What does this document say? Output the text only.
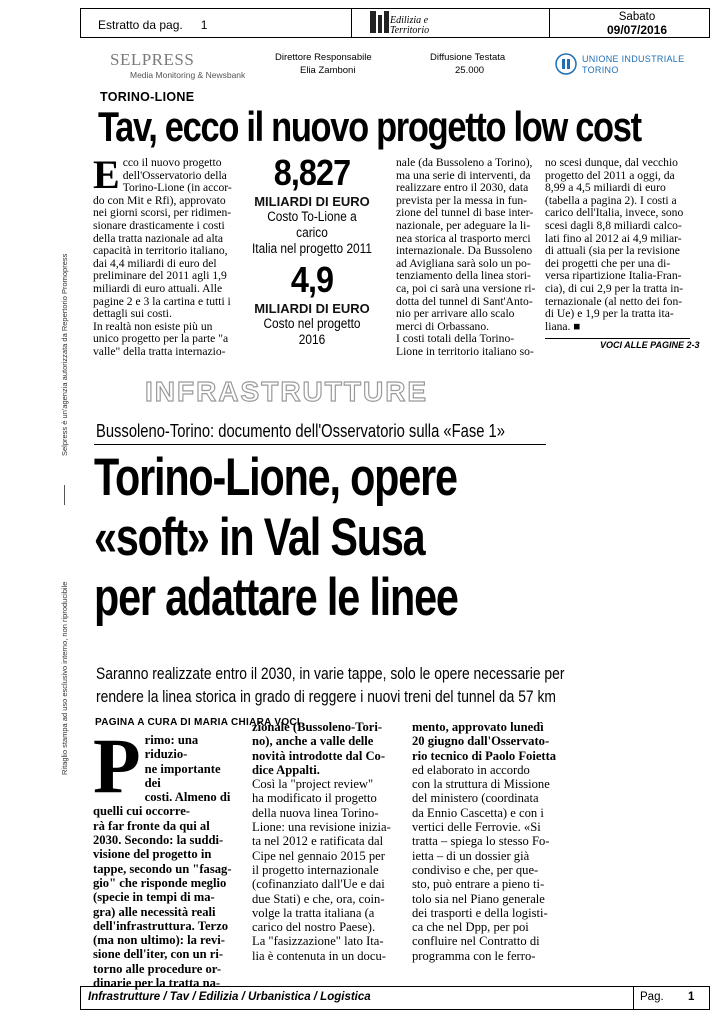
Estratto da pag. 1	Edilizia e
Territorio
Sabato
09/07/2016
SELPRESS
Media Monitoring & Newsbank
Direttore Responsabile
Elia Zamboni
Diffusione Testata
25.000
UNIONE INDUSTRIALE
TORINO
Selpress è un'agenzia autorizzata da Repertorio Promopress
Ritaglio stampa ad uso esclusivo interno, non riproducibile
TORINO-LIONE
Tav, ecco il nuovo progetto low cost
E cco il nuovo progetto
dell'Osservatorio della
Torino-Lione (in accor-
do con Mit e Rfi), approvato
nei giorni scorsi, per ridimen-
sionare drasticamente i costi
della tratta nazionale ad alta
capacità in territorio italiano,
dai 4,4 miliardi di euro del
preliminare del 2011 agli 1,9
miliardi di euro attuali. Alle
pagine 2 e 3 la cartina e tutti i
dettagli sui costi.
In realtà non esiste più un
unico progetto per la parte "a
valle" della tratta internazio-
8,827
MILIARDI DI EURO
Costo To-Lione a carico
Italia nel progetto 2011
4,9
MILIARDI DI EURO
Costo nel progetto 2016
nale (da Bussoleno a Torino),
ma una serie di interventi, da
realizzare entro il 2030, data
prevista per la messa in fun-
zione del tunnel di base inter-
nazionale, per adeguare la li-
nea storica al trasporto merci
internazionale. Da Bussoleno
ad Avigliana sarà solo un po-
tenziamento della linea stori-
ca, poi ci sarà una versione ri-
dotta del tunnel di Sant'Anto-
nio per arrivare allo scalo
merci di Orbassano.
I costi totali della Torino-
Lione in territorio italiano so-
no scesi dunque, dal vecchio
progetto del 2011 a oggi, da
8,99 a 4,5 miliardi di euro
(tabella a pagina 2). I costi a
carico dell'Italia, invece, sono
scesi dagli 8,8 miliardi calco-
lati fino al 2012 ai 4,9 miliar-
di attuali (sia per la revisione
dei progetti che per una di-
versa ripartizione Italia-Fran-
cia), di cui 2,9 per la tratta in-
ternazionale (al netto dei fon-
di Ue) e 1,9 per la tratta ita-
liana. ■
VOCI ALLE PAGINE 2-3
INFRASTRUTTURE
Bussoleno-Torino: documento dell'Osservatorio sulla «Fase 1»
Torino-Lione, opere
«soft» in Val Susa
per adattare le linee
Saranno realizzate entro il 2030, in varie tappe, solo le opere necessarie per
rendere la linea storica in grado di reggere i nuovi treni del tunnel da 57 km
PAGINA A CURA DI MARIA CHIARA VOCI
P rimo: una riduzio-
ne importante dei
costi. Almeno di
quelli cui occorre-
rà far fronte da qui al
2030. Secondo: la suddi-
visione del progetto in
tappe, secondo un "fasag-
gio" che risponde meglio
(specie in tempi di ma-
gra) alle necessità reali
dell'infrastruttura. Terzo
(ma non ultimo): la revi-
sione dell'iter, con un ri-
torno alle procedure or-
dinarie per la tratta na-
zionale (Bussoleno-Tori-
no), anche a valle delle
novità introdotte dal Co-
dice Appalti.
Così la "project review"
ha modificato il progetto
della nuova linea Torino-
Lione: una revisione inizia-
ta nel 2012 e ratificata dal
Cipe nel gennaio 2015 per
il progetto internazionale
(cofinanziato dall'Ue e dai
due Stati) e che, ora, coin-
volge la tratta italiana (a
carico del nostro Paese).
La "fasizzazione" lato Ita-
lia è contenuta in un docu-
mento, approvato lunedì
20 giugno dall'Osservato-
rio tecnico di Paolo Foietta
ed elaborato in accordo
con la struttura di Missione
del ministero (coordinata
da Ennio Cascetta) e con i
vertici delle Ferrovie. «Si
tratta – spiega lo stesso Fo-
ietta – di un dossier già
condiviso e che, per que-
sto, può entrare a pieno ti-
tolo sia nel Piano generale
dei trasporti e della logisti-
ca che nel Dpp, per poi
confluire nel Contratto di
programma con le ferro-
Infrastrutture / Tav / Edilizia / Urbanistica / Logistica	Pag. 1
